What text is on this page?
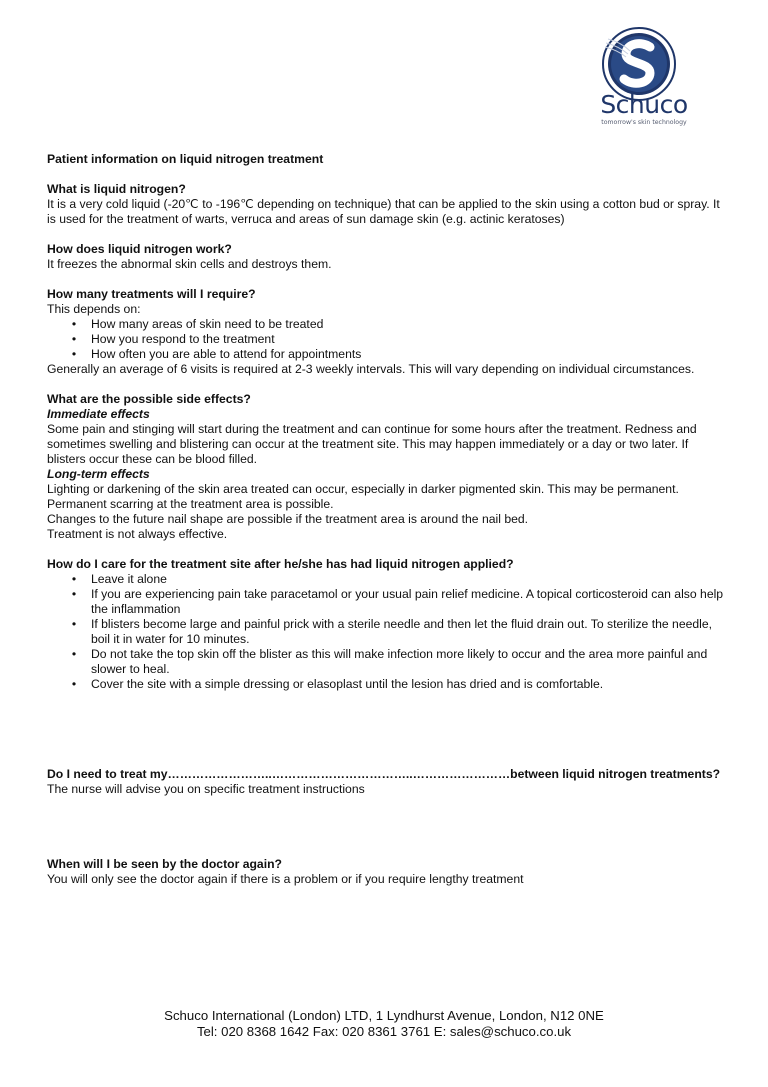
Schuco
tomorrow's skin technology

Patient information on liquid nitrogen treatment

What is liquid nitrogen?

It is a very cold liquid (-20℃ to -196℃ depending on technique) that can be applied to the skin using a cotton bud or spray. It is used for the treatment of warts, verruca and areas of sun damage skin (e.g. actinic keratoses)

How does liquid nitrogen work?

It freezes the abnormal skin cells and destroys them.

How many treatments will I require?

This depends on:

• How many areas of skin need to be treated
• How you respond to the treatment
• How often you are able to attend for appointments

Generally an average of 6 visits is required at 2-3 weekly intervals. This will vary depending on individual circumstances.

What are the possible side effects?

Immediate effects

Some pain and stinging will start during the treatment and can continue for some hours after the treatment. Redness and sometimes swelling and blistering can occur at the treatment site. This may happen immediately or a day or two later. If blisters occur these can be blood filled.

Long-term effects

Lighting or darkening of the skin area treated can occur, especially in darker pigmented skin. This may be permanent.

Permanent scarring at the treatment area is possible.

Changes to the future nail shape are possible if the treatment area is around the nail bed.

Treatment is not always effective.

How do I care for the treatment site after he/she has had liquid nitrogen applied?

• Leave it alone
• If you are experiencing pain take paracetamol or your usual pain relief medicine. A topical corticosteroid can also help the inflammation
• If blisters become large and painful prick with a sterile needle and then let the fluid drain out. To sterilize the needle, boil it in water for 10 minutes.
• Do not take the top skin off the blister as this will make infection more likely to occur and the area more painful and slower to heal.
• Cover the site with a simple dressing or elasoplast until the lesion has dried and is comfortable.

Do I need to treat my……………………..……………………………..……………………between liquid nitrogen treatments?

The nurse will advise you on specific treatment instructions

When will I be seen by the doctor again?

You will only see the doctor again if there is a problem or if you require lengthy treatment

Schuco International (London) LTD, 1 Lyndhurst Avenue, London, N12 0NE
Tel: 020 8368 1642 Fax: 020 8361 3761 E: sales@schuco.co.uk
